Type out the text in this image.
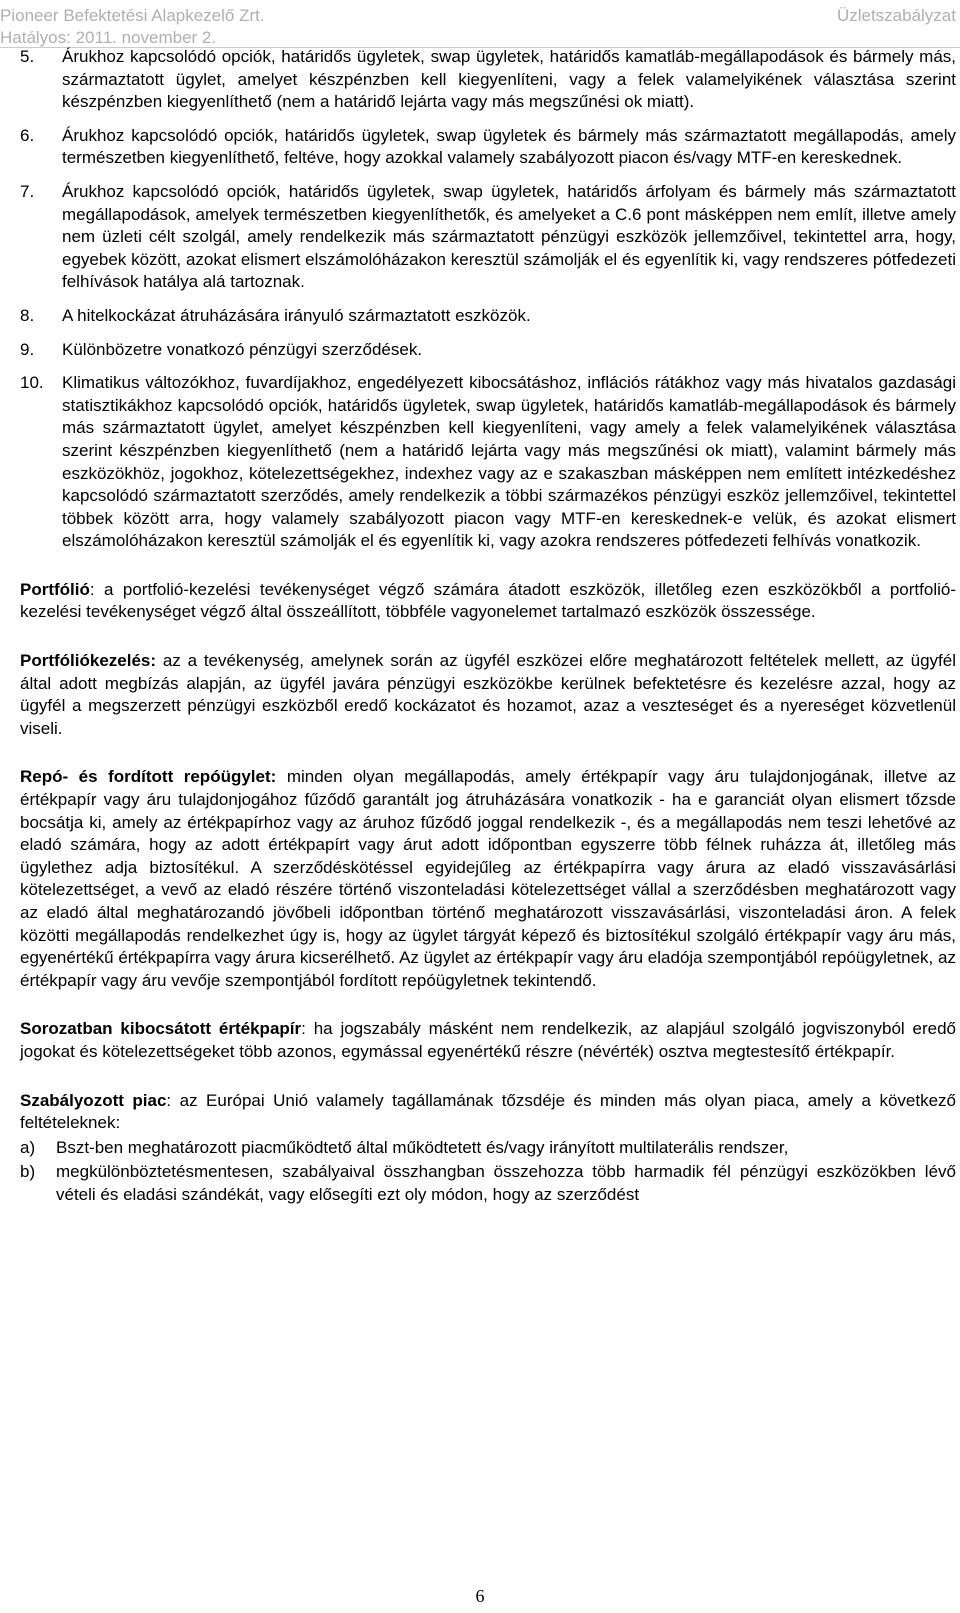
Pioneer Befektetési Alapkezelő Zrt.
Hatályos: 2011. november 2.
Üzletszabályzat
5. Árukhoz kapcsolódó opciók, határidős ügyletek, swap ügyletek, határidős kamatláb-megállapodások és bármely más, származtatott ügylet, amelyet készpénzben kell kiegyenlíteni, vagy a felek valamelyikének választása szerint készpénzben kiegyenlíthető (nem a határidő lejárta vagy más megszűnési ok miatt).
6. Árukhoz kapcsolódó opciók, határidős ügyletek, swap ügyletek és bármely más származtatott megállapodás, amely természetben kiegyenlíthető, feltéve, hogy azokkal valamely szabályozott piacon és/vagy MTF-en kereskednek.
7. Árukhoz kapcsolódó opciók, határidős ügyletek, swap ügyletek, határidős árfolyam és bármely más származtatott megállapodások, amelyek természetben kiegyenlíthetők, és amelyeket a C.6 pont másképpen nem említ, illetve amely nem üzleti célt szolgál, amely rendelkezik más származtatott pénzügyi eszközök jellemzőivel, tekintettel arra, hogy, egyebek között, azokat elismert elszámolóházakon keresztül számolják el és egyenlítik ki, vagy rendszeres pótfedezeti felhívások hatálya alá tartoznak.
8. A hitelkockázat átruházására irányuló származtatott eszközök.
9. Különbözetre vonatkozó pénzügyi szerződések.
10. Klimatikus változókhoz, fuvardíjakhoz, engedélyezett kibocsátáshoz, inflációs rátákhoz vagy más hivatalos gazdasági statisztikákhoz kapcsolódó opciók, határidős ügyletek, swap ügyletek, határidős kamatláb-megállapodások és bármely más származtatott ügylet, amelyet készpénzben kell kiegyenlíteni, vagy amely a felek valamelyikének választása szerint készpénzben kiegyenlíthető (nem a határidő lejárta vagy más megszűnési ok miatt), valamint bármely más eszközökhöz, jogokhoz, kötelezettségekhez, indexhez vagy az e szakaszban másképpen nem említett intézkedéshez kapcsolódó származtatott szerződés, amely rendelkezik a többi származékos pénzügyi eszköz jellemzőivel, tekintettel többek között arra, hogy valamely szabályozott piacon vagy MTF-en kereskednek-e velük, és azokat elismert elszámolóházakon keresztül számolják el és egyenlítik ki, vagy azokra rendszeres pótfedezeti felhívás vonatkozik.
Portfólió: a portfolió-kezelési tevékenységet végző számára átadott eszközök, illetőleg ezen eszközökből a portfolió-kezelési tevékenységet végző által összeállított, többféle vagyonelemet tartalmazó eszközök összessége.
Portfóliókezelés: az a tevékenység, amelynek során az ügyfél eszközei előre meghatározott feltételek mellett, az ügyfél által adott megbízás alapján, az ügyfél javára pénzügyi eszközökbe kerülnek befektetésre és kezelésre azzal, hogy az ügyfél a megszerzett pénzügyi eszközből eredő kockázatot és hozamot, azaz a veszteséget és a nyereséget közvetlenül viseli.
Repó- és fordított repóügylet: minden olyan megállapodás, amely értékpapír vagy áru tulajdonjogának, illetve az értékpapír vagy áru tulajdonjogához fűződő garantált jog átruházására vonatkozik - ha e garanciát olyan elismert tőzsde bocsátja ki, amely az értékpapírhoz vagy az áruhoz fűződő joggal rendelkezik -, és a megállapodás nem teszi lehetővé az eladó számára, hogy az adott értékpapírt vagy árut adott időpontban egyszerre több félnek ruházza át, illetőleg más ügylethez adja biztosítékul. A szerződéskötéssel egyidejűleg az értékpapírra vagy árura az eladó visszavásárlási kötelezettséget, a vevő az eladó részére történő viszonteladási kötelezettséget vállal a szerződésben meghatározott vagy az eladó által meghatározandó jövőbeli időpontban történő meghatározott visszavásárlási, viszonteladási áron. A felek közötti megállapodás rendelkezhet úgy is, hogy az ügylet tárgyát képező és biztosítékul szolgáló értékpapír vagy áru más, egyenértékű értékpapírra vagy árura kicserélhető. Az ügylet az értékpapír vagy áru eladója szempontjából repóügyletnek, az értékpapír vagy áru vevője szempontjából fordított repóügyletnek tekintendő.
Sorozatban kibocsátott értékpapír: ha jogszabály másként nem rendelkezik, az alapjául szolgáló jogviszonyból eredő jogokat és kötelezettségeket több azonos, egymással egyenértékű részre (névérték) osztva megtestesítő értékpapír.
Szabályozott piac: az Európai Unió valamely tagállamának tőzsdéje és minden más olyan piaca, amely a következő feltételeknek:
a) Bszt-ben meghatározott piacműködtető által működtetett és/vagy irányított multilaterális rendszer,
b) megkülönböztetésmentesen, szabályaival összhangban összehozza több harmadik fél pénzügyi eszközökben lévő vételi és eladási szándékát, vagy elősegíti ezt oly módon, hogy az szerződést
6
